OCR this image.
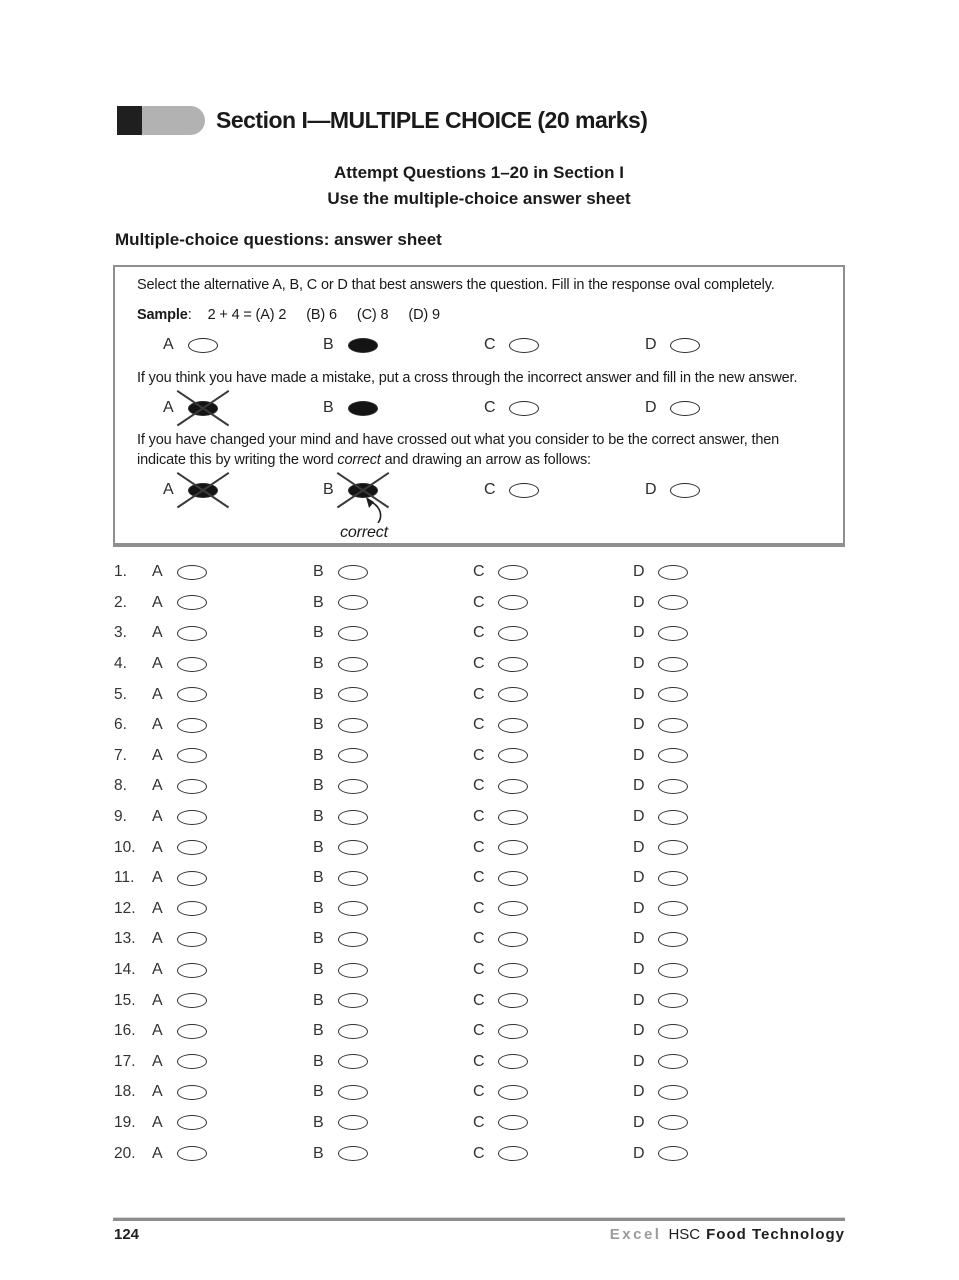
Section I—MULTIPLE CHOICE (20 marks)
Attempt Questions 1–20 in Section I
Use the multiple-choice answer sheet
Multiple-choice questions: answer sheet

Select the alternative A, B, C or D that best answers the question. Fill in the response oval completely.

Sample : 2 + 4 = (A) 2 (B) 6 (C) 8 (D) 9
A	B	C	D

If you think you have made a mistake, put a cross through the incorrect answer and fill in the new answer.

A	B	C	D

If you have changed your mind and have crossed out what you consider to be the correct answer, then indicate this by writing the word correct and drawing an arrow as follows:

A	B
correct
C	D
1.	A	B	C	D
2.	A	B	C	D
3.	A	B	C	D
4.	A	B	C	D
5.	A	B	C	D
6.	A	B	C	D
7.	A	B	C	D
8.	A	B	C	D
9.	A	B	C	D
10.	A	B	C	D
11.	A	B	C	D
12.	A	B	C	D
13.	A	B	C	D
14.	A	B	C	D
15.	A	B	C	D
16.	A	B	C	D
17.	A	B	C	D
18.	A	B	C	D
19.	A	B	C	D
20.	A	B	C	D
124	Excel HSC Food Technology
